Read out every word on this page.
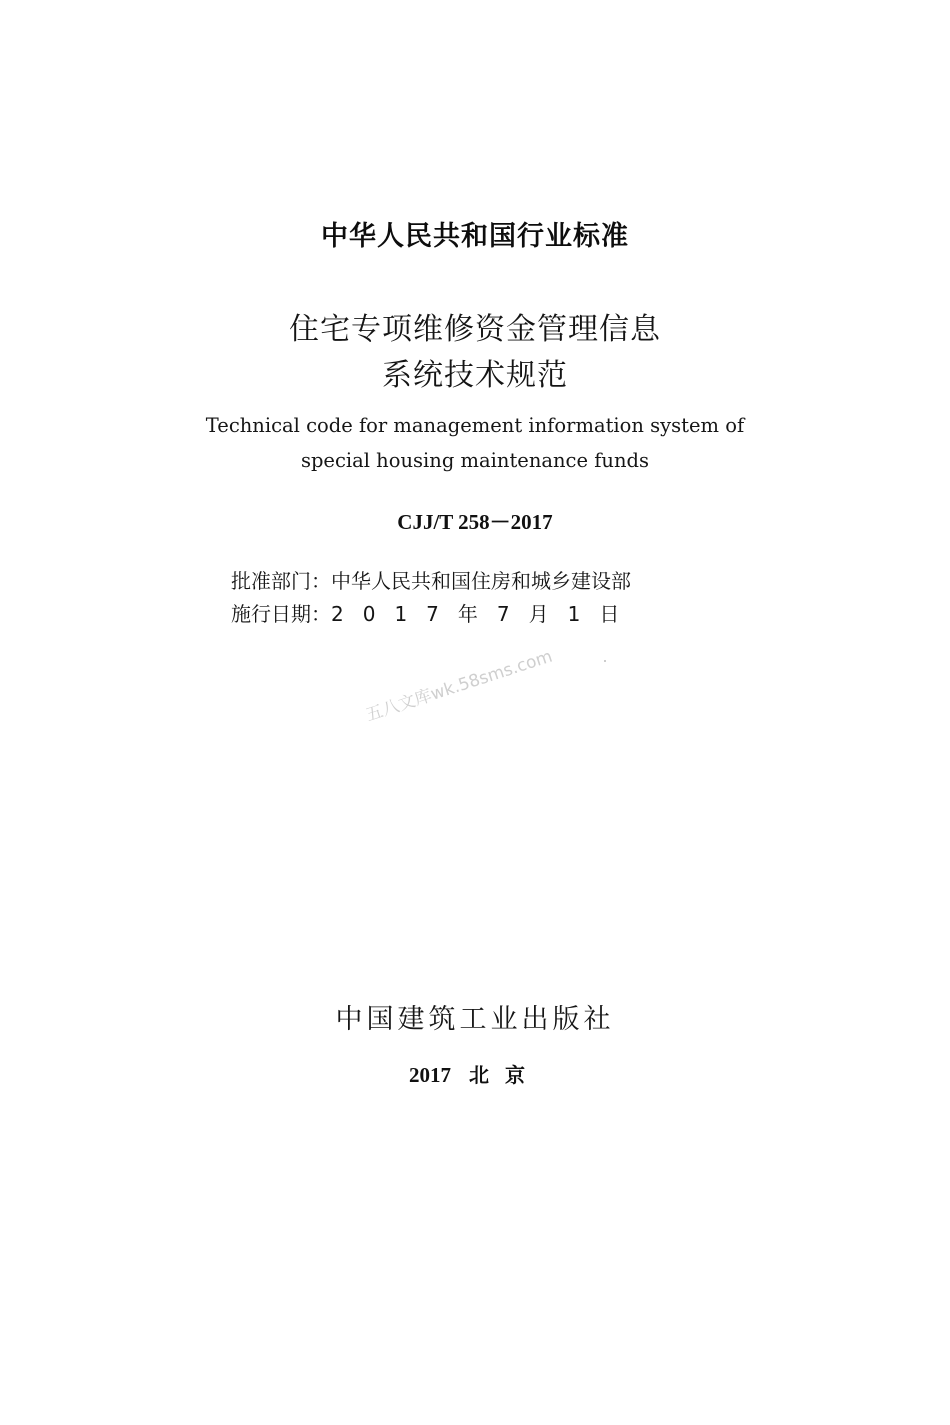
中华人民共和国行业标准
住宅专项维修资金管理信息
系统技术规范
Technical code for management information system of
special housing maintenance funds
CJJ/T 258－2017
批准部门：中华人民共和国住房和城乡建设部
施行日期：2017年7月1日
五八文库wk.58sms.com
中国建筑工业出版社
2017 北京
